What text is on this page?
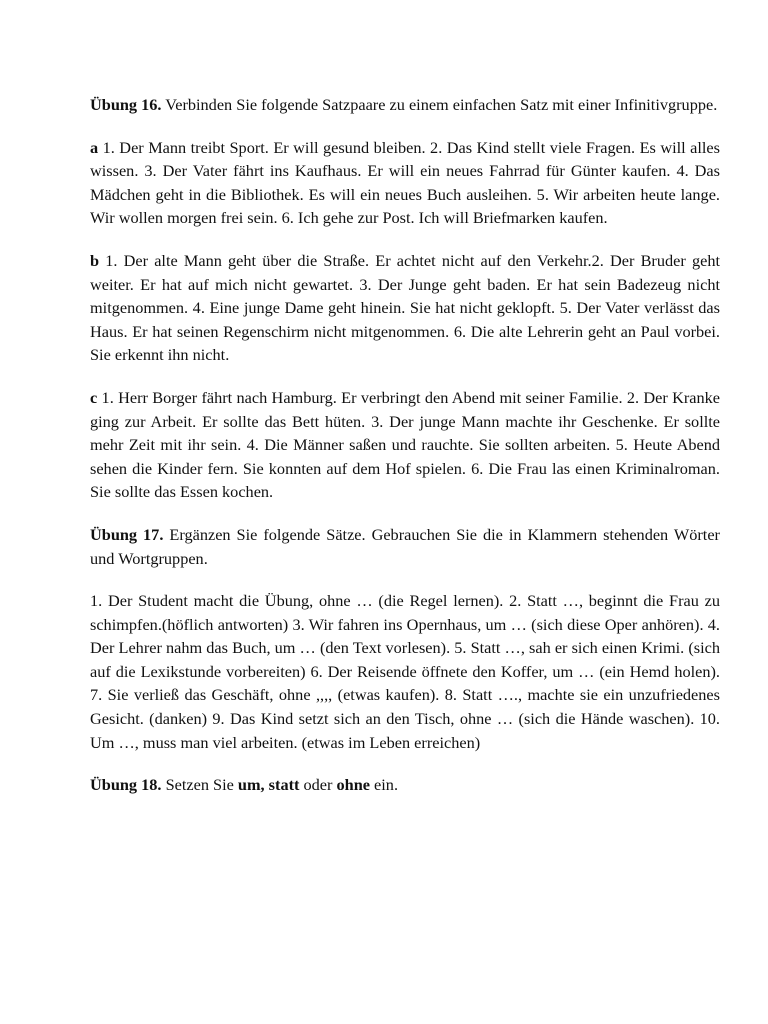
Übung 16. Verbinden Sie folgende Satzpaare zu einem einfachen Satz mit einer Infinitivgruppe.

a 1. Der Mann treibt Sport. Er will gesund bleiben. 2. Das Kind stellt viele Fragen. Es will alles wissen. 3. Der Vater fährt ins Kaufhaus. Er will ein neues Fahrrad für Günter kaufen. 4. Das Mädchen geht in die Bibliothek. Es will ein neues Buch ausleihen. 5. Wir arbeiten heute lange. Wir wollen morgen frei sein. 6. Ich gehe zur Post. Ich will Briefmarken kaufen.

b 1. Der alte Mann geht über die Straße. Er achtet nicht auf den Verkehr.2. Der Bruder geht weiter. Er hat auf mich nicht gewartet. 3. Der Junge geht baden. Er hat sein Badezeug nicht mitgenommen. 4. Eine junge Dame geht hinein. Sie hat nicht geklopft. 5. Der Vater verlässt das Haus. Er hat seinen Regenschirm nicht mitgenommen. 6. Die alte Lehrerin geht an Paul vorbei. Sie erkennt ihn nicht.

c 1. Herr Borger fährt nach Hamburg. Er verbringt den Abend mit seiner Familie. 2. Der Kranke ging zur Arbeit. Er sollte das Bett hüten. 3. Der junge Mann machte ihr Geschenke. Er sollte mehr Zeit mit ihr sein. 4. Die Männer saßen und rauchte. Sie sollten arbeiten. 5. Heute Abend sehen die Kinder fern. Sie konnten auf dem Hof spielen. 6. Die Frau las einen Kriminalroman. Sie sollte das Essen kochen.

Übung 17. Ergänzen Sie folgende Sätze. Gebrauchen Sie die in Klammern stehenden Wörter und Wortgruppen.

1. Der Student macht die Übung, ohne … (die Regel lernen). 2. Statt …, beginnt die Frau zu schimpfen.(höflich antworten) 3. Wir fahren ins Opernhaus, um … (sich diese Oper anhören). 4. Der Lehrer nahm das Buch, um … (den Text vorlesen). 5. Statt …, sah er sich einen Krimi. (sich auf die Lexikstunde vorbereiten) 6. Der Reisende öffnete den Koffer, um … (ein Hemd holen). 7. Sie verließ das Geschäft, ohne ,,,, (etwas kaufen). 8. Statt …., machte sie ein unzufriedenes Gesicht. (danken) 9. Das Kind setzt sich an den Tisch, ohne … (sich die Hände waschen). 10. Um …, muss man viel arbeiten. (etwas im Leben erreichen)

Übung 18. Setzen Sie um, statt oder ohne ein.
